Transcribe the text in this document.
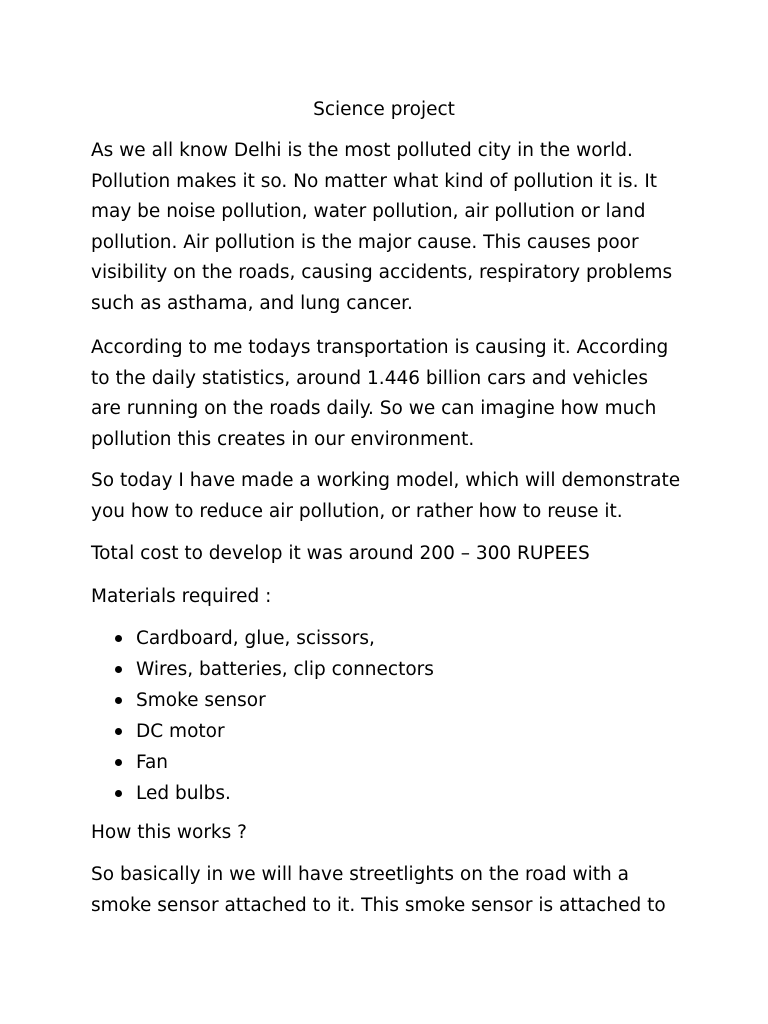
Science project

As we all know Delhi is the most polluted city in the world.
Pollution makes it so. No matter what kind of pollution it is. It
may be noise pollution, water pollution, air pollution or land
pollution. Air pollution is the major cause. This causes poor
visibility on the roads, causing accidents, respiratory problems
such as asthama, and lung cancer.

According to me todays transportation is causing it. According
to the daily statistics, around 1.446 billion cars and vehicles
are running on the roads daily. So we can imagine how much
pollution this creates in our environment.

So today I have made a working model, which will demonstrate
you how to reduce air pollution, or rather how to reuse it.

Total cost to develop it was around 200 – 300 RUPEES

Materials required :

Cardboard, glue, scissors,
Wires, batteries, clip connectors
Smoke sensor
DC motor
Fan
Led bulbs.

How this works ?

So basically in we will have streetlights on the road with a
smoke sensor attached to it. This smoke sensor is attached to
